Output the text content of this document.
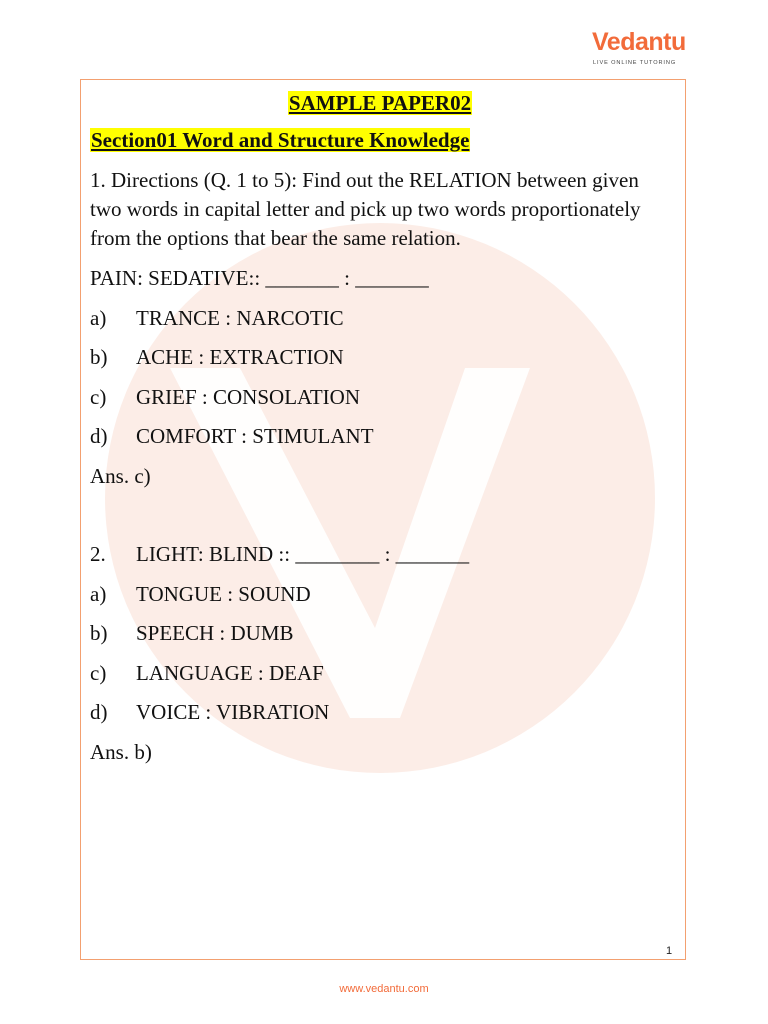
Vedantu
LIVE ONLINE TUTORING
SAMPLE PAPER02
Section01 Word and Structure Knowledge
1. Directions (Q. 1 to 5): Find out the RELATION between given two words in capital letter and pick up two words proportionately from the options that bear the same relation.
PAIN: SEDATIVE:: _______ : _______
a)	TRANCE : NARCOTIC
b)	ACHE : EXTRACTION
c)	GRIEF : CONSOLATION
d)	COMFORT : STIMULANT
Ans. c)
2.	LIGHT: BLIND :: ________ : _______
a)	TONGUE : SOUND
b)	SPEECH : DUMB
c)	LANGUAGE : DEAF
d)	VOICE : VIBRATION
Ans. b)
1
www.vedantu.com
